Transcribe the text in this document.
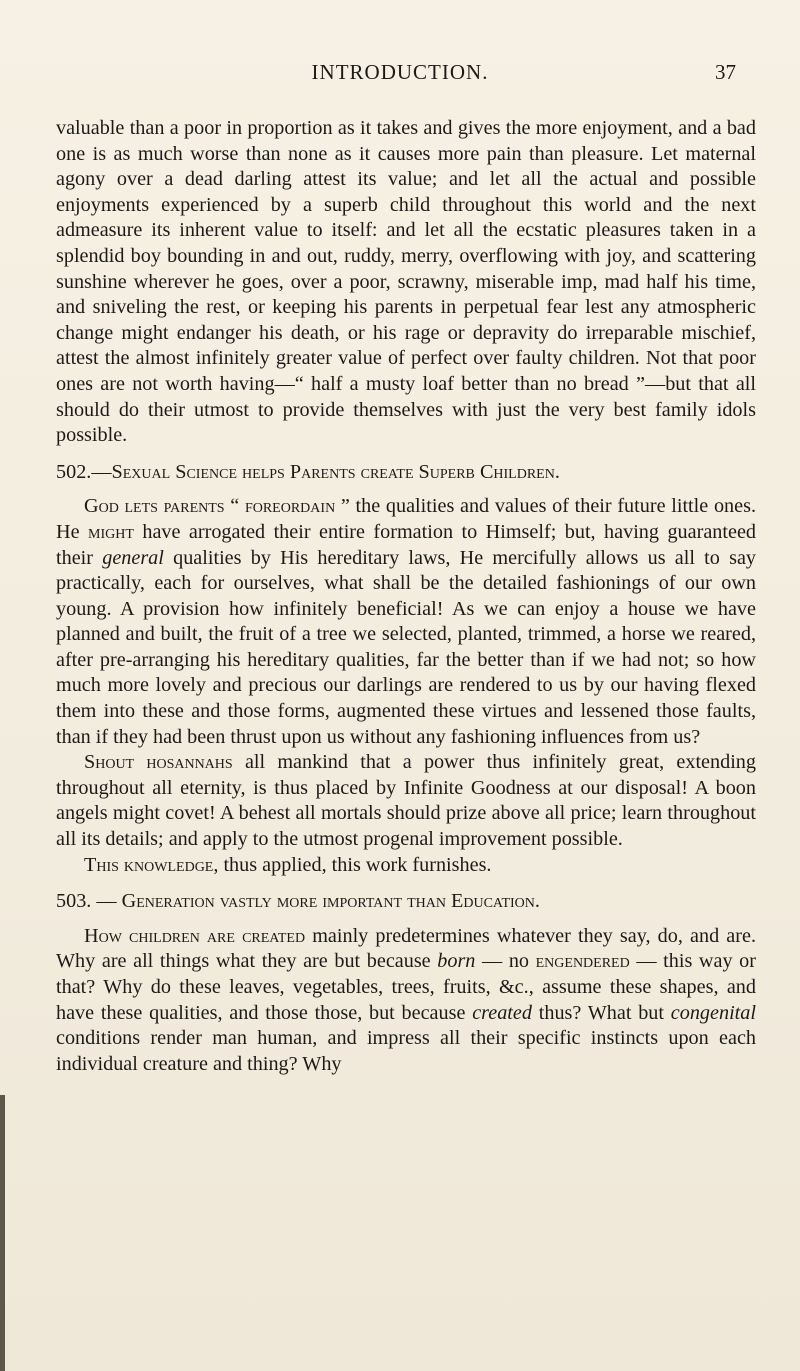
INTRODUCTION.	37

valuable than a poor in proportion as it takes and gives the more enjoyment, and a bad one is as much worse than none as it causes more pain than pleasure. Let maternal agony over a dead darling attest its value; and let all the actual and possible enjoyments experienced by a superb child throughout this world and the next admeasure its inherent value to itself: and let all the ecstatic pleasures taken in a splendid boy bounding in and out, ruddy, merry, overflowing with joy, and scattering sunshine wherever he goes, over a poor, scrawny, miserable imp, mad half his time, and sniveling the rest, or keeping his parents in perpetual fear lest any atmospheric change might endanger his death, or his rage or depravity do irreparable mischief, attest the almost infinitely greater value of perfect over faulty children. Not that poor ones are not worth having—“ half a musty loaf better than no bread ”—but that all should do their utmost to provide themselves with just the very best family idols possible.

502.—Sexual Science helps Parents create Superb Children.

God lets parents “ foreordain ” the qualities and values of their future little ones. He might have arrogated their entire formation to Himself; but, having guaranteed their general qualities by His hereditary laws, He mercifully allows us all to say practically, each for ourselves, what shall be the detailed fashionings of our own young. A provision how infinitely beneficial! As we can enjoy a house we have planned and built, the fruit of a tree we selected, planted, trimmed, a horse we reared, after pre-arranging his hereditary qualities, far the better than if we had not; so how much more lovely and precious our darlings are rendered to us by our having flexed them into these and those forms, augmented these virtues and lessened those faults, than if they had been thrust upon us without any fashioning influences from us?

Shout hosannahs all mankind that a power thus infinitely great, extending throughout all eternity, is thus placed by Infinite Goodness at our disposal! A boon angels might covet! A behest all mortals should prize above all price; learn throughout all its details; and apply to the utmost progenal improvement possible.

This knowledge, thus applied, this work furnishes.

503. — Generation vastly more important than Education.

How children are created mainly predetermines whatever they say, do, and are. Why are all things what they are but because born — no engendered — this way or that? Why do these leaves, vegetables, trees, fruits, &c., assume these shapes, and have these qualities, and those those, but because created thus? What but congenital conditions render man human, and impress all their specific instincts upon each individual creature and thing? Why
